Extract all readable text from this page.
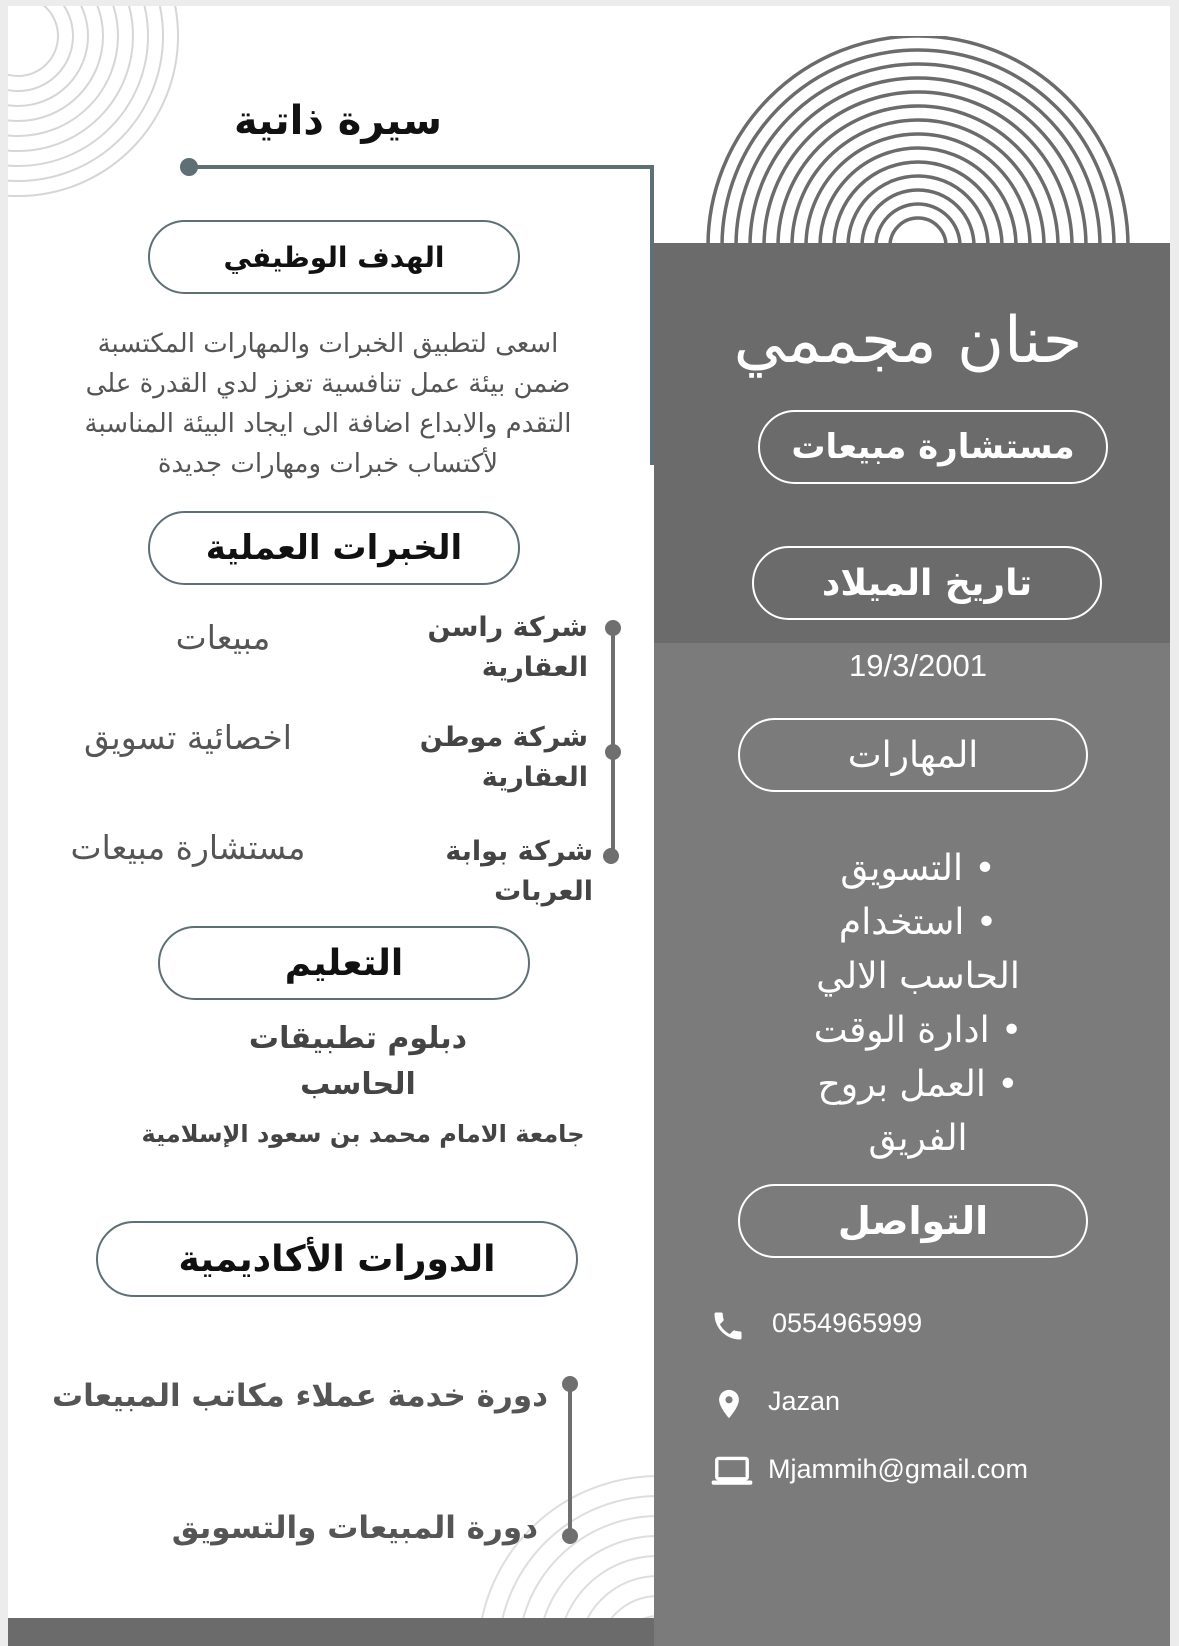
سيرة ذاتية
حنان مجممي
مستشارة مبيعات
تاريخ الميلاد
19/3/2001
الهدف الوظيفي
اسعى لتطبيق الخبرات والمهارات المكتسبة
ضمن بيئة عمل تنافسية تعزز لدي القدرة على
التقدم والابداع اضافة الى ايجاد البيئة المناسبة
لأكتساب خبرات ومهارات جديدة
الخبرات العملية
شركة راسن
العقارية
مبيعات
شركة موطن
العقارية
اخصائية تسويق
شركة بوابة
العربات
مستشارة مبيعات
التعليم
دبلوم تطبيقات
الحاسب
جامعة الامام محمد بن سعود الإسلامية
الدورات الأكاديمية
دورة خدمة عملاء مكاتب المبيعات
دورة المبيعات والتسويق
المهارات
• التسويق
• استخدام
الحاسب الالي
• ادارة الوقت
• العمل بروح
الفريق
التواصل
0554965999
Jazan
Mjammih@gmail.com
